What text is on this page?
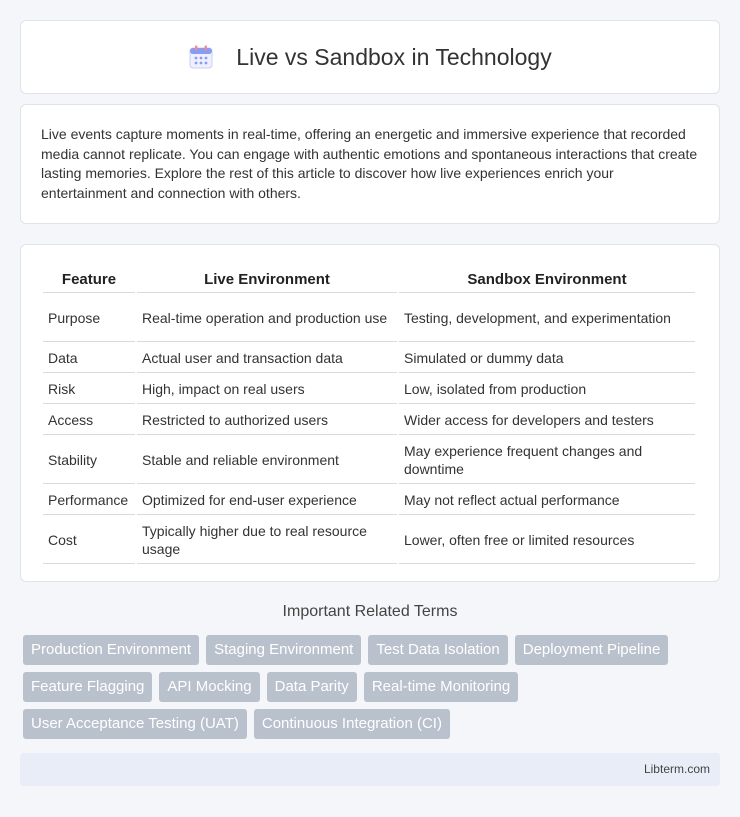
Live vs Sandbox in Technology

Live events capture moments in real-time, offering an energetic and immersive experience that recorded media cannot replicate. You can engage with authentic emotions and spontaneous interactions that create lasting memories. Explore the rest of this article to discover how live experiences enrich your entertainment and connection with others.

Feature	Live Environment	Sandbox Environment
Purpose	Real-time operation and production use	Testing, development, and experimentation
Data	Actual user and transaction data	Simulated or dummy data
Risk	High, impact on real users	Low, isolated from production
Access	Restricted to authorized users	Wider access for developers and testers
Stability	Stable and reliable environment	May experience frequent changes and downtime
Performance	Optimized for end-user experience	May not reflect actual performance
Cost	Typically higher due to real resource usage	Lower, often free or limited resources
Important Related Terms
Production Environment	Staging Environment	Test Data Isolation	Deployment Pipeline
Feature Flagging	API Mocking	Data Parity	Real-time Monitoring
User Acceptance Testing (UAT)	Continuous Integration (CI)
Libterm.com
